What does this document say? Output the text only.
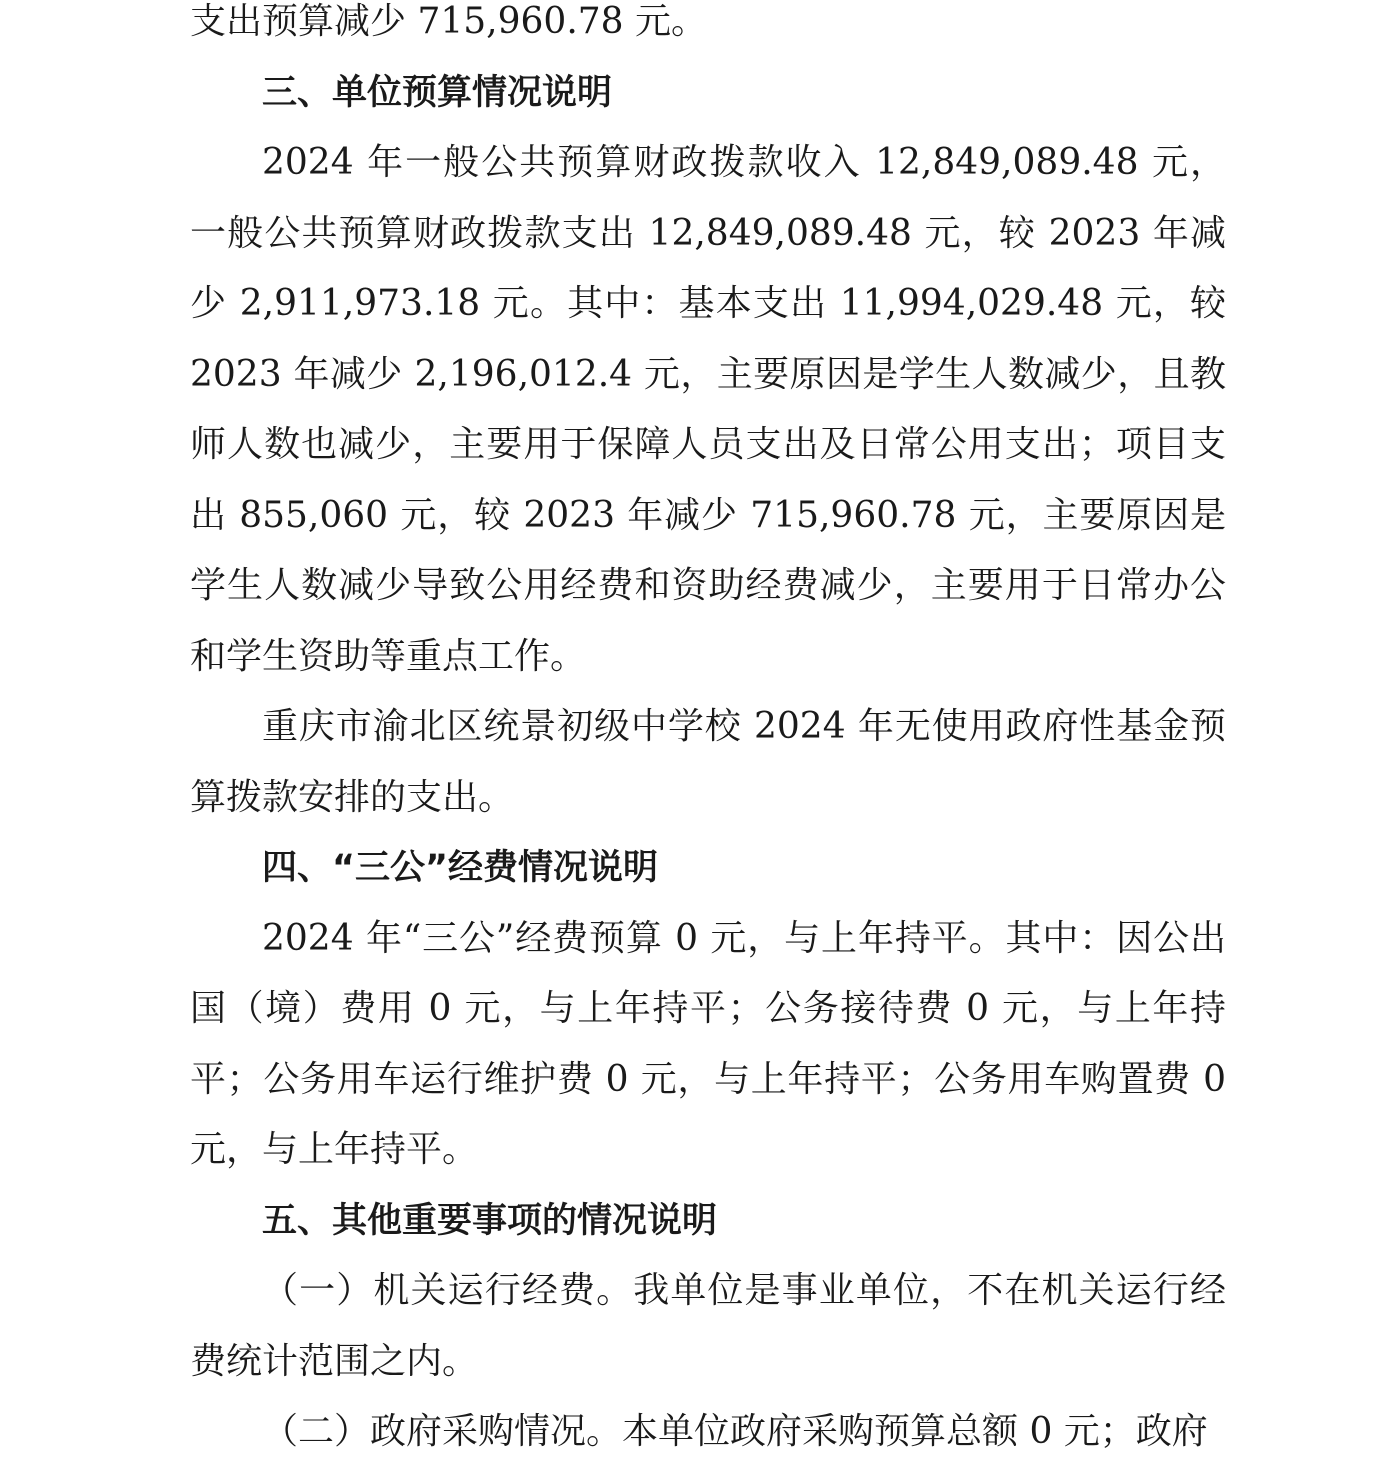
支出预算减少 715,960.78 元。

三、单位预算情况说明

2024 年一般公共预算财政拨款收入 12,849,089.48 元，一般公共预算财政拨款支出 12,849,089.48 元，较 2023 年减少 2,911,973.18 元。其中：基本支出 11,994,029.48 元，较 2023 年减少 2,196,012.4 元，主要原因是学生人数减少，且教师人数也减少，主要用于保障人员支出及日常公用支出；项目支出 855,060 元，较 2023 年减少 715,960.78 元，主要原因是学生人数减少导致公用经费和资助经费减少，主要用于日常办公和学生资助等重点工作。

重庆市渝北区统景初级中学校 2024 年无使用政府性基金预算拨款安排的支出。

四、“三公”经费情况说明

2024 年“三公”经费预算 0 元，与上年持平。其中：因公出国（境）费用 0 元，与上年持平；公务接待费 0 元，与上年持平；公务用车运行维护费 0 元，与上年持平；公务用车购置费 0 元，与上年持平。

五、其他重要事项的情况说明

（一）机关运行经费。我单位是事业单位，不在机关运行经费统计范围之内。

（二）政府采购情况。本单位政府采购预算总额 0 元；政府
